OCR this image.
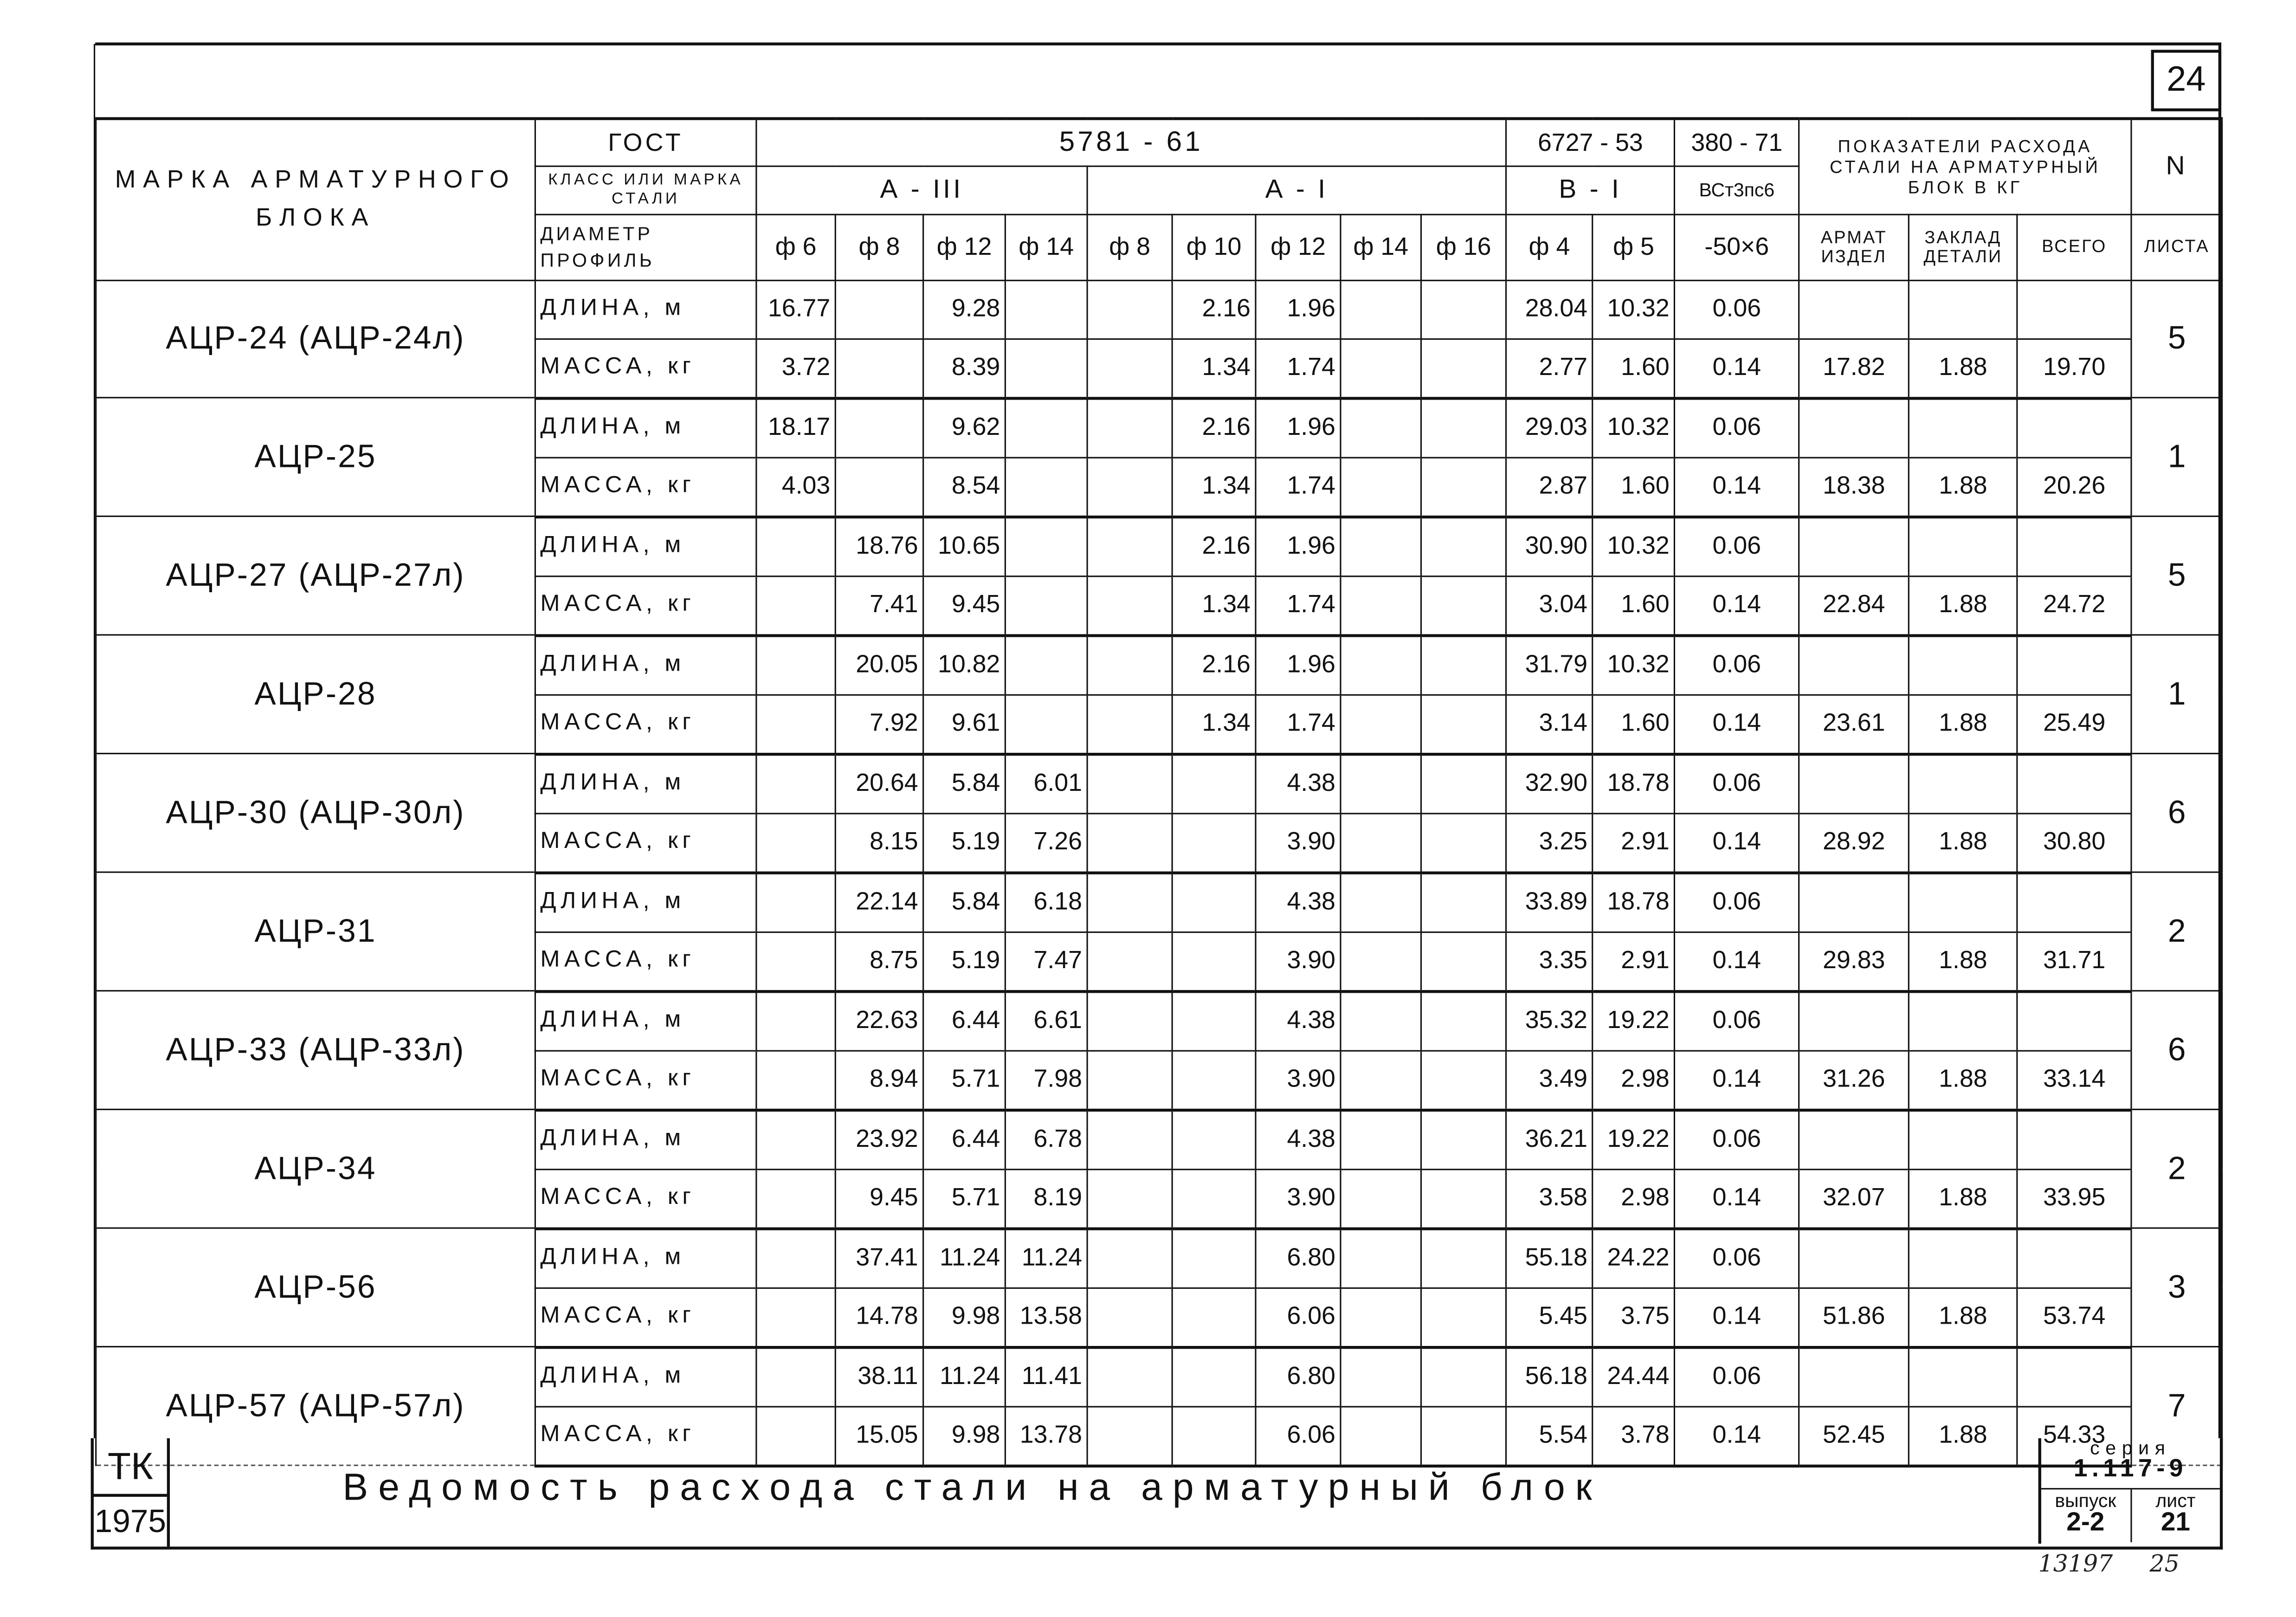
24
МАРКА АРМАТУРНОГО БЛОКА	ГОСТ	5781 - 61									6727 - 53		380 - 71	ПОКАЗАТЕЛИ РАСХОДА СТАЛИ НА АРМАТУРНЫЙ БЛОК В КГ			N
	КЛАСС ИЛИ МАРКА СТАЛИ	А - III				А - I					В - I		ВСт3пс6				
	ДИАМЕТР ПРОФИЛЬ	ф 6	ф 8	ф 12	ф 14	ф 8	ф 10	ф 12	ф 14	ф 16	ф 4	ф 5	-50×6	АРМАТ ИЗДЕЛ	ЗАКЛАД ДЕТАЛИ	ВСЕГО	ЛИСТА
АЦР-24 (АЦР-24л)	ДЛИНА, м	16.77		9.28			2.16	1.96			28.04	10.32	0.06				5
	МАССА, кг	3.72		8.39			1.34	1.74			2.77	1.60	0.14	17.82	1.88	19.70	
АЦР-25	ДЛИНА, м	18.17		9.62			2.16	1.96			29.03	10.32	0.06				1
	МАССА, кг	4.03		8.54			1.34	1.74			2.87	1.60	0.14	18.38	1.88	20.26	
АЦР-27 (АЦР-27л)	ДЛИНА, м		18.76	10.65			2.16	1.96			30.90	10.32	0.06				5
	МАССА, кг		7.41	9.45			1.34	1.74			3.04	1.60	0.14	22.84	1.88	24.72	
АЦР-28	ДЛИНА, м		20.05	10.82			2.16	1.96			31.79	10.32	0.06				1
	МАССА, кг		7.92	9.61			1.34	1.74			3.14	1.60	0.14	23.61	1.88	25.49	
АЦР-30 (АЦР-30л)	ДЛИНА, м		20.64	5.84	6.01			4.38			32.90	18.78	0.06				6
	МАССА, кг		8.15	5.19	7.26			3.90			3.25	2.91	0.14	28.92	1.88	30.80	
АЦР-31	ДЛИНА, м		22.14	5.84	6.18			4.38			33.89	18.78	0.06				2
	МАССА, кг		8.75	5.19	7.47			3.90			3.35	2.91	0.14	29.83	1.88	31.71	
АЦР-33 (АЦР-33л)	ДЛИНА, м		22.63	6.44	6.61			4.38			35.32	19.22	0.06				6
	МАССА, кг		8.94	5.71	7.98			3.90			3.49	2.98	0.14	31.26	1.88	33.14	
АЦР-34	ДЛИНА, м		23.92	6.44	6.78			4.38			36.21	19.22	0.06				2
	МАССА, кг		9.45	5.71	8.19			3.90			3.58	2.98	0.14	32.07	1.88	33.95	
АЦР-56	ДЛИНА, м		37.41	11.24	11.24			6.80			55.18	24.22	0.06				3
	МАССА, кг		14.78	9.98	13.58			6.06			5.45	3.75	0.14	51.86	1.88	53.74	
АЦР-57 (АЦР-57л)	ДЛИНА, м		38.11	11.24	11.41			6.80			56.18	24.44	0.06				7
	МАССА, кг		15.05	9.98	13.78			6.06			5.54	3.78	0.14	52.45	1.88	54.33	
ТК
1975
Ведомость расхода стали на арматурный блок
серия
1.117-9
выпуск
2-2
лист
21
13197	25
